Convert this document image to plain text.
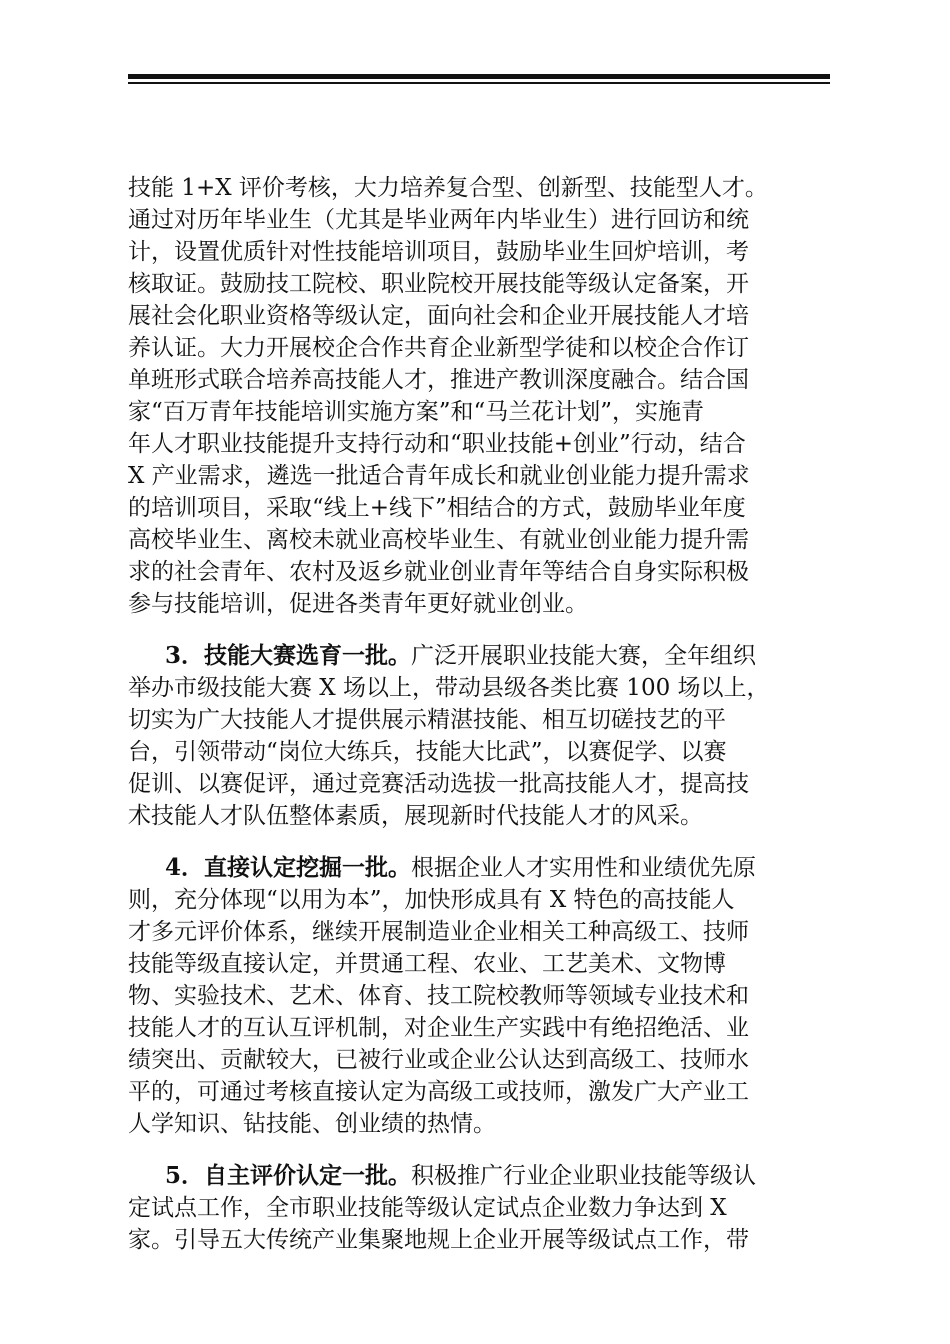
技能 1+X 评价考核，大力培养复合型、创新型、技能型人才。
通过对历年毕业生（尤其是毕业两年内毕业生）进行回访和统
计，设置优质针对性技能培训项目，鼓励毕业生回炉培训，考
核取证。鼓励技工院校、职业院校开展技能等级认定备案，开
展社会化职业资格等级认定，面向社会和企业开展技能人才培
养认证。大力开展校企合作共育企业新型学徒和以校企合作订
单班形式联合培养高技能人才，推进产教训深度融合。结合国
家“百万青年技能培训实施方案”和“马兰花计划”，实施青
年人才职业技能提升支持行动和“职业技能+创业”行动，结合
X 产业需求，遴选一批适合青年成长和就业创业能力提升需求
的培训项目，采取“线上+线下”相结合的方式，鼓励毕业年度
高校毕业生、离校未就业高校毕业生、有就业创业能力提升需
求的社会青年、农村及返乡就业创业青年等结合自身实际积极
参与技能培训，促进各类青年更好就业创业。
3．技能大赛选育一批。广泛开展职业技能大赛，全年组织
举办市级技能大赛 X 场以上，带动县级各类比赛 100 场以上，
切实为广大技能人才提供展示精湛技能、相互切磋技艺的平
台，引领带动“岗位大练兵，技能大比武”，以赛促学、以赛
促训、以赛促评，通过竞赛活动选拔一批高技能人才，提高技
术技能人才队伍整体素质，展现新时代技能人才的风采。
4．直接认定挖掘一批。根据企业人才实用性和业绩优先原
则，充分体现“以用为本”，加快形成具有 X 特色的高技能人
才多元评价体系，继续开展制造业企业相关工种高级工、技师
技能等级直接认定，并贯通工程、农业、工艺美术、文物博
物、实验技术、艺术、体育、技工院校教师等领域专业技术和
技能人才的互认互评机制，对企业生产实践中有绝招绝活、业
绩突出、贡献较大，已被行业或企业公认达到高级工、技师水
平的，可通过考核直接认定为高级工或技师，激发广大产业工
人学知识、钻技能、创业绩的热情。
5．自主评价认定一批。积极推广行业企业职业技能等级认
定试点工作，全市职业技能等级认定试点企业数力争达到 X
家。引导五大传统产业集聚地规上企业开展等级试点工作，带
